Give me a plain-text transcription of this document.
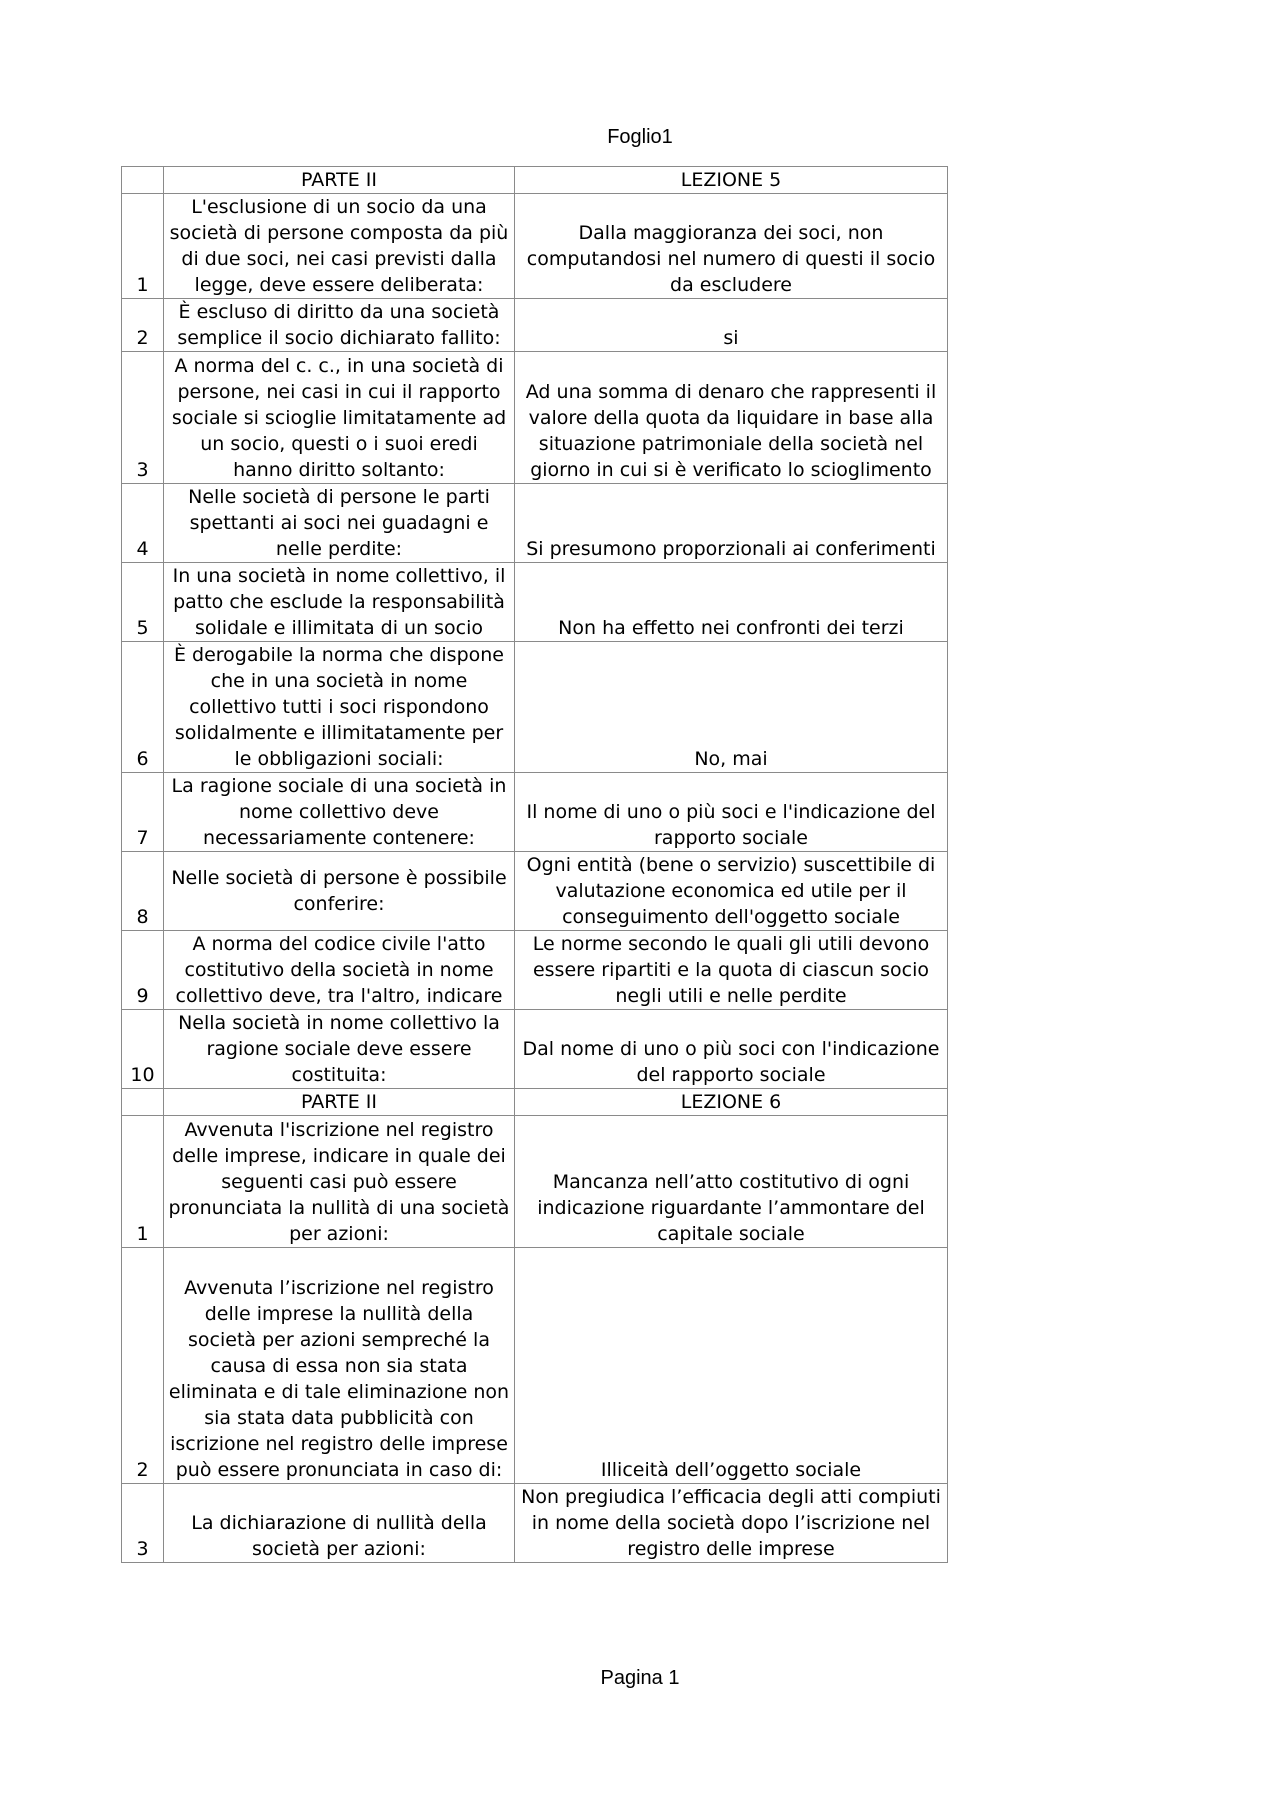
Foglio1
	PARTE II	LEZIONE 5
1	L'esclusione di un socio da una società di persone composta da più di due soci, nei casi previsti dalla legge, deve essere deliberata:	Dalla maggioranza dei soci, non computandosi nel numero di questi il socio da escludere
2	È escluso di diritto da una società semplice il socio dichiarato fallito:	si
3	A norma del c. c., in una società di persone, nei casi in cui il rapporto sociale si scioglie limitatamente ad un socio, questi o i suoi eredi hanno diritto soltanto:	Ad una somma di denaro che rappresenti il valore della quota da liquidare in base alla situazione patrimoniale della società nel giorno in cui si è verificato lo scioglimento
4	Nelle società di persone le parti spettanti ai soci nei guadagni e nelle perdite:	Si presumono proporzionali ai conferimenti
5	In una società in nome collettivo, il patto che esclude la responsabilità solidale e illimitata di un socio	Non ha effetto nei confronti dei terzi
6	È derogabile la norma che dispone che in una società in nome collettivo tutti i soci rispondono solidalmente e illimitatamente per le obbligazioni sociali:	No, mai
7	La ragione sociale di una società in nome collettivo deve necessariamente contenere:	Il nome di uno o più soci e l'indicazione del rapporto sociale
8	Nelle società di persone è possibile conferire:	Ogni entità (bene o servizio) suscettibile di valutazione economica ed utile per il conseguimento dell'oggetto sociale
9	A norma del codice civile l'atto costitutivo della società in nome collettivo deve, tra l'altro, indicare	Le norme secondo le quali gli utili devono essere ripartiti e la quota di ciascun socio negli utili e nelle perdite
10	Nella società in nome collettivo la ragione sociale deve essere costituita:	Dal nome di uno o più soci con l'indicazione del rapporto sociale
	PARTE II	LEZIONE 6
1	Avvenuta l'iscrizione nel registro delle imprese, indicare in quale dei seguenti casi può essere pronunciata la nullità di una società per azioni:	Mancanza nell’atto costitutivo di ogni indicazione riguardante l’ammontare del capitale sociale
2	Avvenuta l’iscrizione nel registro delle imprese la nullità della società per azioni sempreché la causa di essa non sia stata eliminata e di tale eliminazione non sia stata data pubblicità con iscrizione nel registro delle imprese può essere pronunciata in caso di:	Illiceità dell’oggetto sociale
3	La dichiarazione di nullità della società per azioni:	Non pregiudica l’efficacia degli atti compiuti in nome della società dopo l’iscrizione nel registro delle imprese
Pagina 1
